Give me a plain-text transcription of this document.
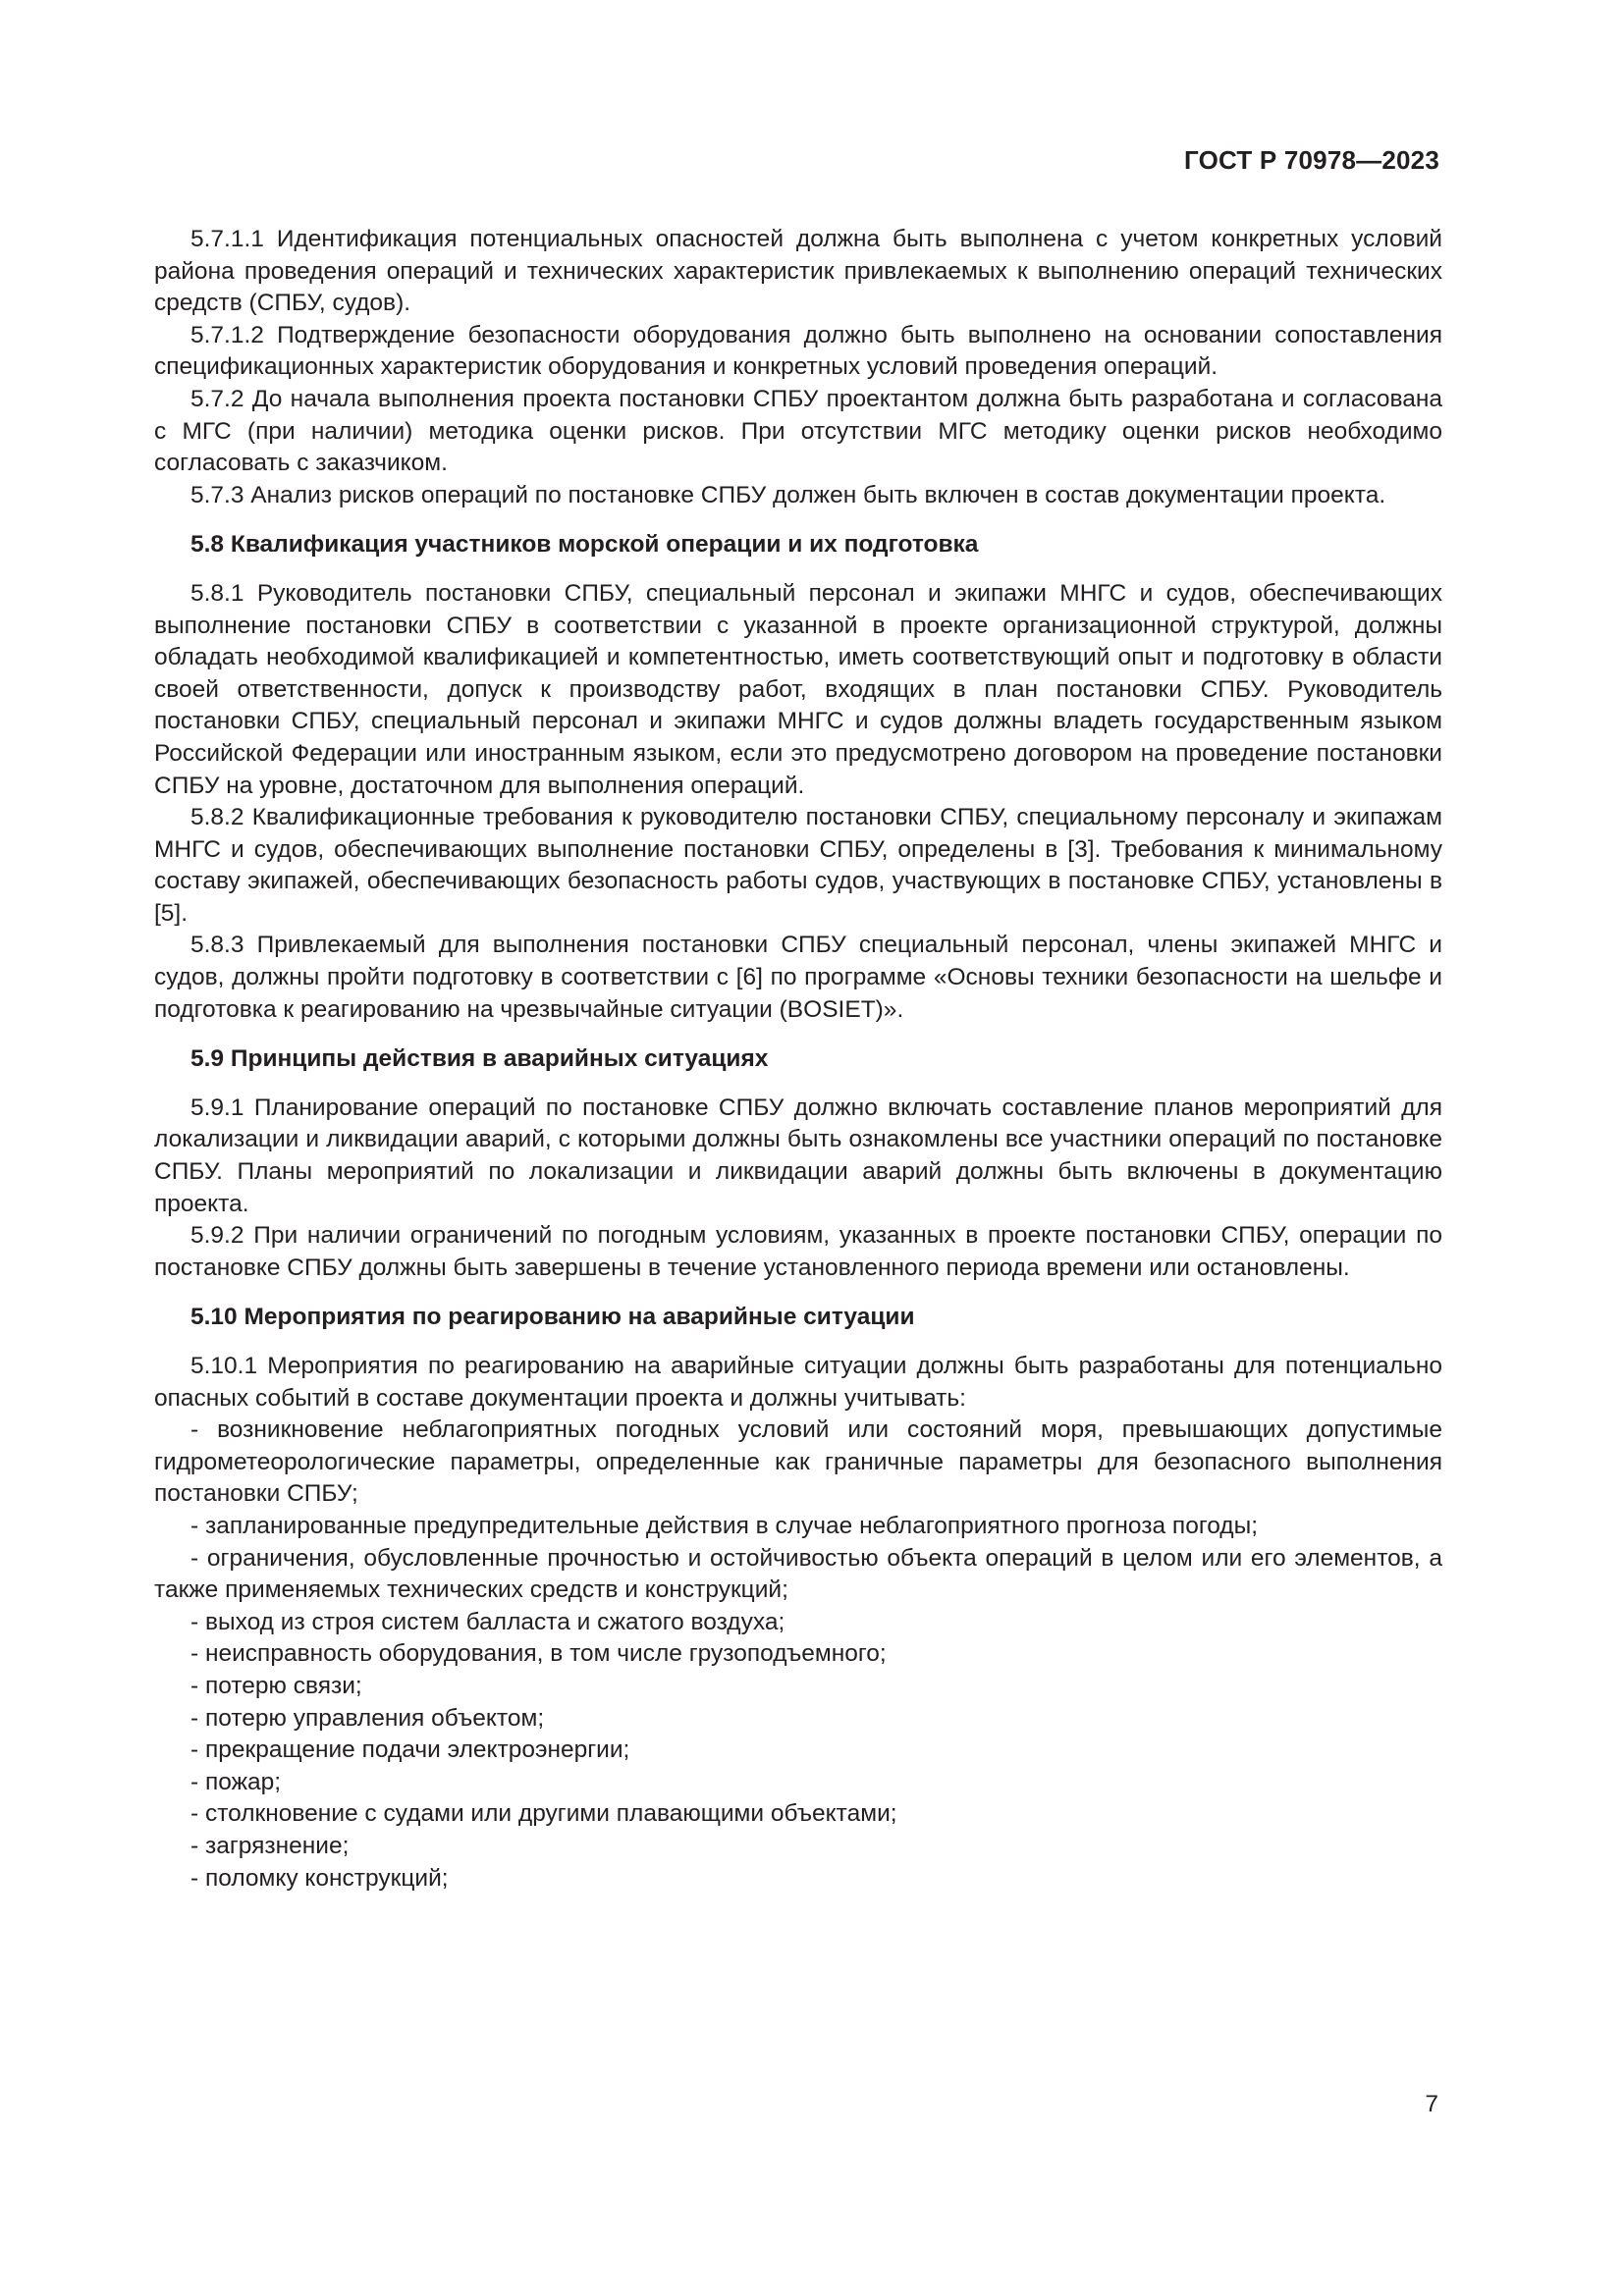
ГОСТ Р 70978—2023

5.7.1.1 Идентификация потенциальных опасностей должна быть выполнена с учетом конкретных условий района проведения операций и технических характеристик привлекаемых к выполнению операций технических средств (СПБУ, судов).

5.7.1.2 Подтверждение безопасности оборудования должно быть выполнено на основании сопоставления спецификационных характеристик оборудования и конкретных условий проведения операций.

5.7.2 До начала выполнения проекта постановки СПБУ проектантом должна быть разработана и согласована с МГС (при наличии) методика оценки рисков. При отсутствии МГС методику оценки рисков необходимо согласовать с заказчиком.

5.7.3 Анализ рисков операций по постановке СПБУ должен быть включен в состав документации проекта.

5.8 Квалификация участников морской операции и их подготовка

5.8.1 Руководитель постановки СПБУ, специальный персонал и экипажи МНГС и судов, обеспечивающих выполнение постановки СПБУ в соответствии с указанной в проекте организационной структурой, должны обладать необходимой квалификацией и компетентностью, иметь соответствующий опыт и подготовку в области своей ответственности, допуск к производству работ, входящих в план постановки СПБУ. Руководитель постановки СПБУ, специальный персонал и экипажи МНГС и судов должны владеть государственным языком Российской Федерации или иностранным языком, если это предусмотрено договором на проведение постановки СПБУ на уровне, достаточном для выполнения операций.

5.8.2 Квалификационные требования к руководителю постановки СПБУ, специальному персоналу и экипажам МНГС и судов, обеспечивающих выполнение постановки СПБУ, определены в [3]. Требования к минимальному составу экипажей, обеспечивающих безопасность работы судов, участвующих в постановке СПБУ, установлены в [5].

5.8.3 Привлекаемый для выполнения постановки СПБУ специальный персонал, члены экипажей МНГС и судов, должны пройти подготовку в соответствии с [6] по программе «Основы техники безопасности на шельфе и подготовка к реагированию на чрезвычайные ситуации (BOSIET)».

5.9 Принципы действия в аварийных ситуациях

5.9.1 Планирование операций по постановке СПБУ должно включать составление планов мероприятий для локализации и ликвидации аварий, с которыми должны быть ознакомлены все участники операций по постановке СПБУ. Планы мероприятий по локализации и ликвидации аварий должны быть включены в документацию проекта.

5.9.2 При наличии ограничений по погодным условиям, указанных в проекте постановки СПБУ, операции по постановке СПБУ должны быть завершены в течение установленного периода времени или остановлены.

5.10 Мероприятия по реагированию на аварийные ситуации

5.10.1 Мероприятия по реагированию на аварийные ситуации должны быть разработаны для потенциально опасных событий в составе документации проекта и должны учитывать:

- возникновение неблагоприятных погодных условий или состояний моря, превышающих допустимые гидрометеорологические параметры, определенные как граничные параметры для безопасного выполнения постановки СПБУ;
- запланированные предупредительные действия в случае неблагоприятного прогноза погоды;
- ограничения, обусловленные прочностью и остойчивостью объекта операций в целом или его элементов, а также применяемых технических средств и конструкций;
- выход из строя систем балласта и сжатого воздуха;
- неисправность оборудования, в том числе грузоподъемного;
- потерю связи;
- потерю управления объектом;
- прекращение подачи электроэнергии;
- пожар;
- столкновение с судами или другими плавающими объектами;
- загрязнение;
- поломку конструкций;
7
